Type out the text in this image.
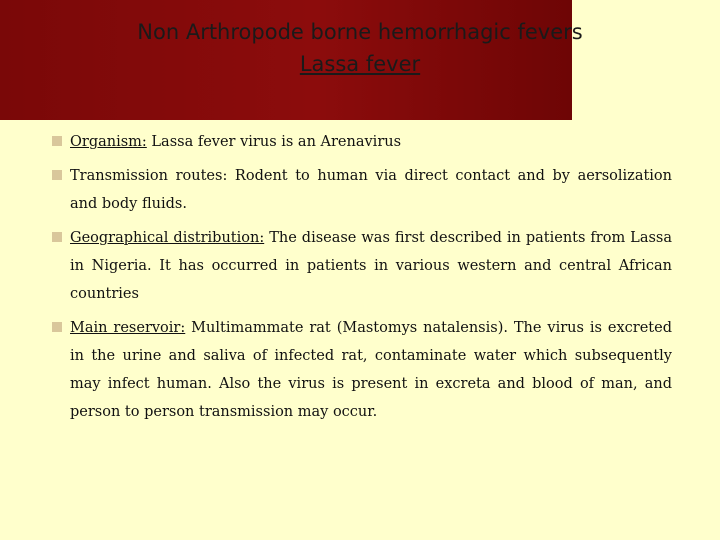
Non Arthropode borne hemorrhagic fevers
Lassa fever
Organism: Lassa fever virus is an Arenavirus
Transmission routes: Rodent to human via direct contact and by aersolization and body fluids.
Geographical distribution: The disease was first described in patients from Lassa in Nigeria. It has occurred in patients in various western and central African countries
Main reservoir: Multimammate rat (Mastomys natalensis). The virus is excreted in the urine and saliva of infected rat, contaminate water which subsequently may infect human. Also the virus is present in excreta and blood of man, and person to person transmission may occur.
